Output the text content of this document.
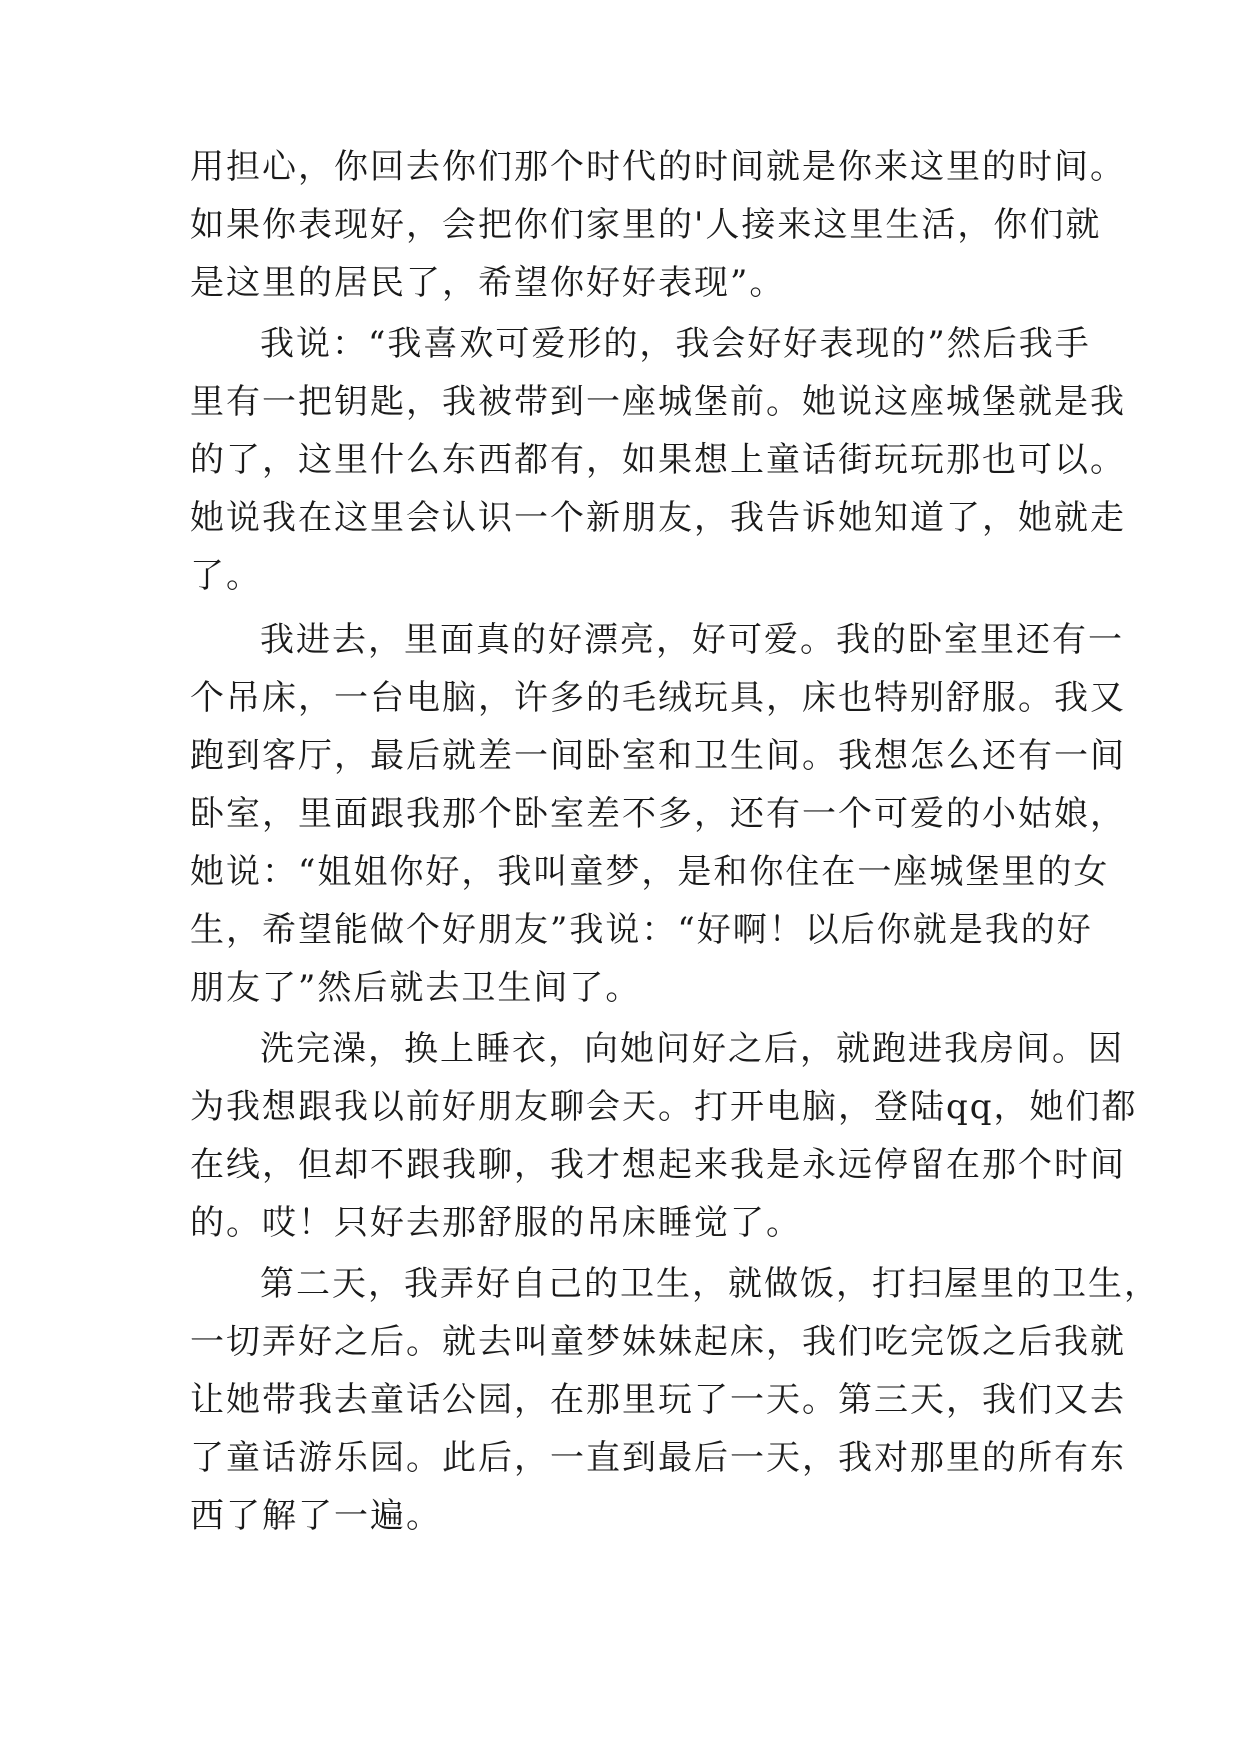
用担心，你回去你们那个时代的时间就是你来这里的时间。
如果你表现好，会把你们家里的'人接来这里生活，你们就
是这里的居民了，希望你好好表现”。
我说：“我喜欢可爱形的，我会好好表现的”然后我手
里有一把钥匙，我被带到一座城堡前。她说这座城堡就是我
的了，这里什么东西都有，如果想上童话街玩玩那也可以。
她说我在这里会认识一个新朋友，我告诉她知道了，她就走
了。
我进去，里面真的好漂亮，好可爱。我的卧室里还有一
个吊床，一台电脑，许多的毛绒玩具，床也特别舒服。我又
跑到客厅，最后就差一间卧室和卫生间。我想怎么还有一间
卧室，里面跟我那个卧室差不多，还有一个可爱的小姑娘，
她说：“姐姐你好，我叫童梦，是和你住在一座城堡里的女
生，希望能做个好朋友”我说：“好啊！以后你就是我的好
朋友了”然后就去卫生间了。
洗完澡，换上睡衣，向她问好之后，就跑进我房间。因
为我想跟我以前好朋友聊会天。打开电脑，登陆qq，她们都
在线，但却不跟我聊，我才想起来我是永远停留在那个时间
的。哎！只好去那舒服的吊床睡觉了。
第二天，我弄好自己的卫生，就做饭，打扫屋里的卫生，
一切弄好之后。就去叫童梦妹妹起床，我们吃完饭之后我就
让她带我去童话公园，在那里玩了一天。第三天，我们又去
了童话游乐园。此后，一直到最后一天，我对那里的所有东
西了解了一遍。
